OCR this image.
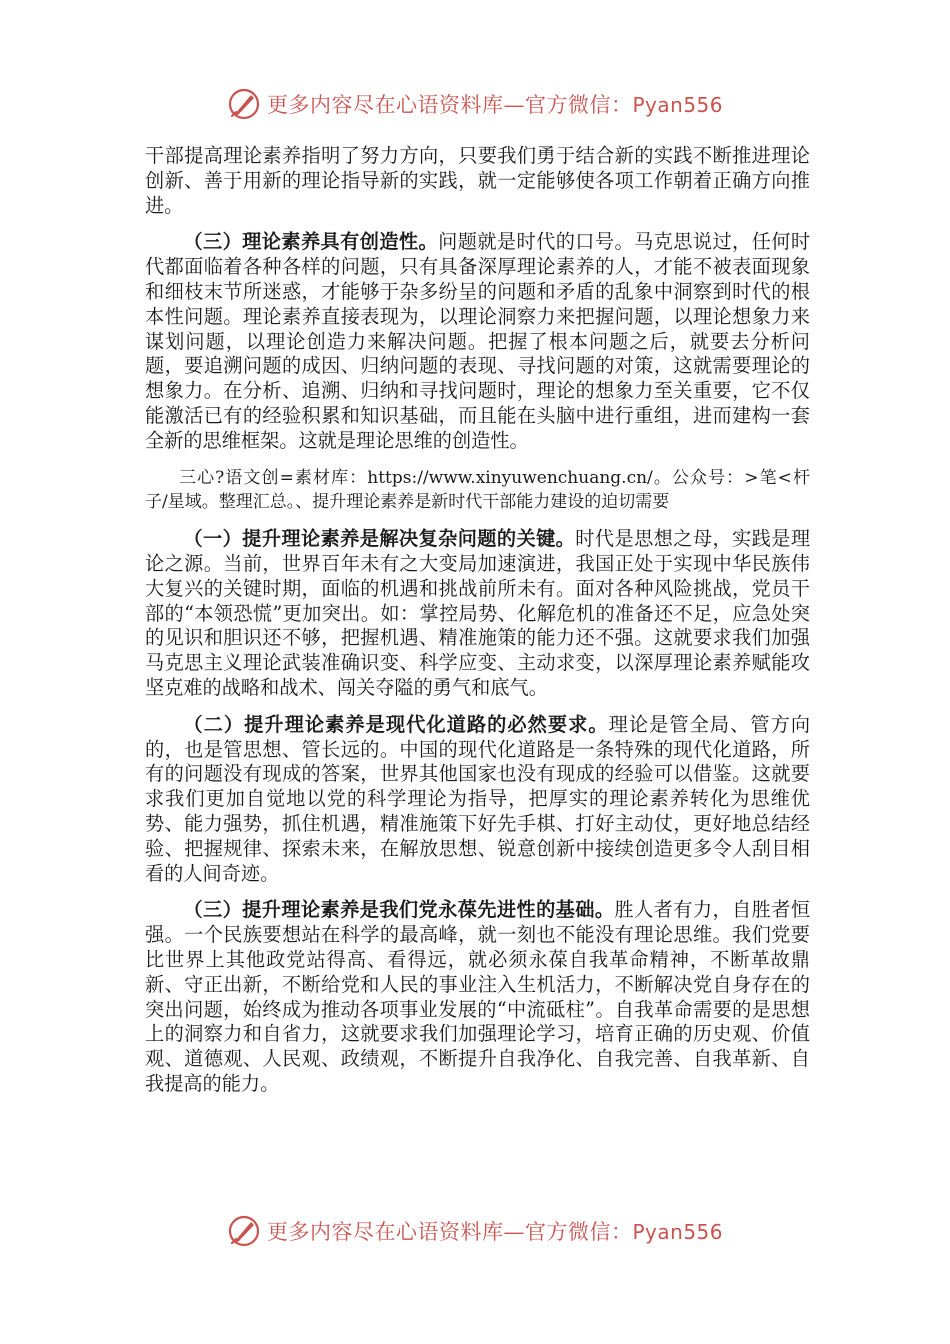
更多内容尽在心语资料库—官方微信：Pyan556

干部提高理论素养指明了努力方向，只要我们勇于结合新的实践不断推进理论创新、善于用新的理论指导新的实践，就一定能够使各项工作朝着正确方向推进。

（三）理论素养具有创造性。问题就是时代的口号。马克思说过，任何时代都面临着各种各样的问题，只有具备深厚理论素养的人，才能不被表面现象和细枝末节所迷惑，才能够于杂多纷呈的问题和矛盾的乱象中洞察到时代的根本性问题。理论素养直接表现为，以理论洞察力来把握问题，以理论想象力来谋划问题，以理论创造力来解决问题。把握了根本问题之后，就要去分析问题，要追溯问题的成因、归纳问题的表现、寻找问题的对策，这就需要理论的想象力。在分析、追溯、归纳和寻找问题时，理论的想象力至关重要，它不仅能激活已有的经验积累和知识基础，而且能在头脑中进行重组，进而建构一套全新的思维框架。这就是理论思维的创造性。

三心?语文创=素材库：https://www.xinyuwenchuang.cn/。公众号：>笔<杆子/星域。整理汇总。、提升理论素养是新时代干部能力建设的迫切需要

（一）提升理论素养是解决复杂问题的关键。时代是思想之母，实践是理论之源。当前，世界百年未有之大变局加速演进，我国正处于实现中华民族伟大复兴的关键时期，面临的机遇和挑战前所未有。面对各种风险挑战，党员干部的“本领恐慌”更加突出。如：掌控局势、化解危机的准备还不足，应急处突的见识和胆识还不够，把握机遇、精准施策的能力还不强。这就要求我们加强马克思主义理论武装准确识变、科学应变、主动求变，以深厚理论素养赋能攻坚克难的战略和战术、闯关夺隘的勇气和底气。

（二）提升理论素养是现代化道路的必然要求。理论是管全局、管方向的，也是管思想、管长远的。中国的现代化道路是一条特殊的现代化道路，所有的问题没有现成的答案，世界其他国家也没有现成的经验可以借鉴。这就要求我们更加自觉地以党的科学理论为指导，把厚实的理论素养转化为思维优势、能力强势，抓住机遇，精准施策下好先手棋、打好主动仗，更好地总结经验、把握规律、探索未来，在解放思想、锐意创新中接续创造更多令人刮目相看的人间奇迹。

（三）提升理论素养是我们党永葆先进性的基础。胜人者有力，自胜者恒强。一个民族要想站在科学的最高峰，就一刻也不能没有理论思维。我们党要比世界上其他政党站得高、看得远，就必须永葆自我革命精神，不断革故鼎新、守正出新，不断给党和人民的事业注入生机活力，不断解决党自身存在的突出问题，始终成为推动各项事业发展的“中流砥柱”。自我革命需要的是思想上的洞察力和自省力，这就要求我们加强理论学习，培育正确的历史观、价值观、道德观、人民观、政绩观，不断提升自我净化、自我完善、自我革新、自我提高的能力。

更多内容尽在心语资料库—官方微信：Pyan556
